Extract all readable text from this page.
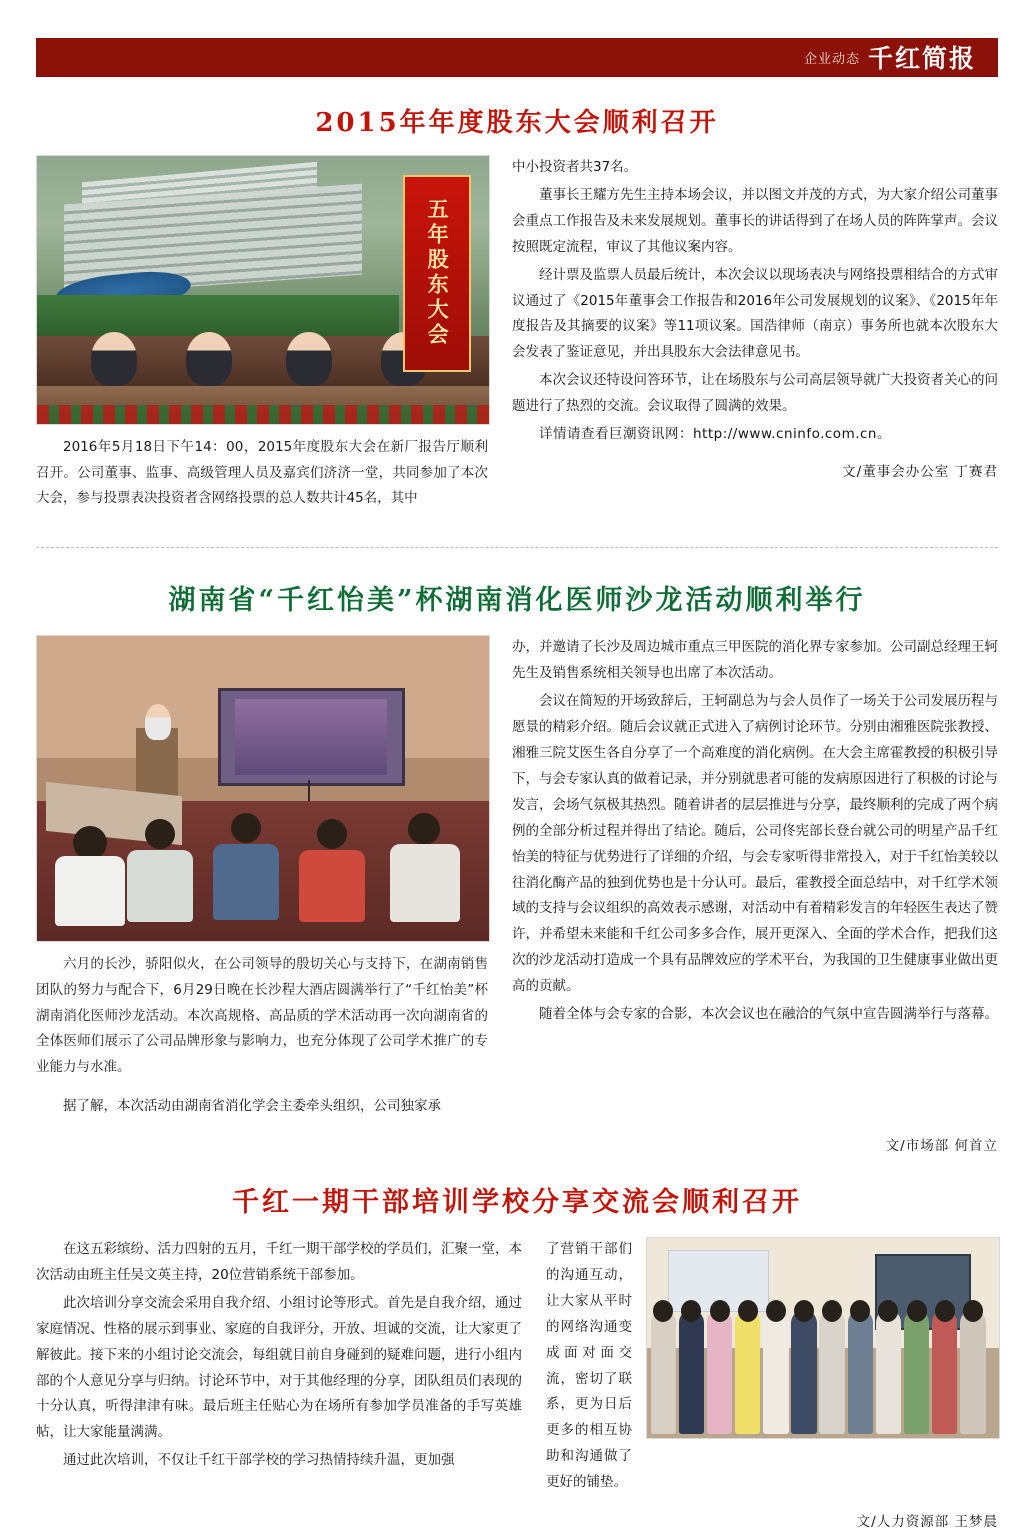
企业动态 千红简报
2015年年度股东大会顺利召开
五年股东大会

2016年5月18日下午14：00，2015年度股东大会在新厂报告厅顺利召开。公司董事、监事、高级管理人员及嘉宾们济济一堂，共同参加了本次大会，参与投票表决投资者含网络投票的总人数共计45名，其中

中小投资者共37名。

董事长王耀方先生主持本场会议，并以图文并茂的方式，为大家介绍公司董事会重点工作报告及未来发展规划。董事长的讲话得到了在场人员的阵阵掌声。会议按照既定流程，审议了其他议案内容。

经计票及监票人员最后统计，本次会议以现场表决与网络投票相结合的方式审议通过了《2015年董事会工作报告和2016年公司发展规划的议案》、《2015年年度报告及其摘要的议案》等11项议案。国浩律师（南京）事务所也就本次股东大会发表了鉴证意见，并出具股东大会法律意见书。

本次会议还特设问答环节，让在场股东与公司高层领导就广大投资者关心的问题进行了热烈的交流。会议取得了圆满的效果。

详情请查看巨潮资讯网：http://www.cninfo.com.cn。

文/董事会办公室 丁赛君
湖南省“千红怡美”杯湖南消化医师沙龙活动顺利举行

六月的长沙，骄阳似火，在公司领导的殷切关心与支持下，在湖南销售团队的努力与配合下，6月29日晚在长沙程大酒店圆满举行了“千红怡美”杯湖南消化医师沙龙活动。本次高规格、高品质的学术活动再一次向湖南省的全体医师们展示了公司品牌形象与影响力，也充分体现了公司学术推广的专业能力与水准。

据了解，本次活动由湖南省消化学会主委牵头组织，公司独家承

办，并邀请了长沙及周边城市重点三甲医院的消化界专家参加。公司副总经理王轲先生及销售系统相关领导也出席了本次活动。

会议在简短的开场致辞后，王轲副总为与会人员作了一场关于公司发展历程与愿景的精彩介绍。随后会议就正式进入了病例讨论环节。分别由湘雅医院张教授、湘雅三院艾医生各自分享了一个高难度的消化病例。在大会主席霍教授的积极引导下，与会专家认真的做着记录，并分别就患者可能的发病原因进行了积极的讨论与发言，会场气氛极其热烈。随着讲者的层层推进与分享，最终顺利的完成了两个病例的全部分析过程并得出了结论。随后，公司佟宪部长登台就公司的明星产品千红怡美的特征与优势进行了详细的介绍，与会专家听得非常投入，对于千红怡美较以往消化酶产品的独到优势也是十分认可。最后，霍教授全面总结中，对千红学术领域的支持与会议组织的高效表示感谢，对活动中有着精彩发言的年轻医生表达了赞许，并希望未来能和千红公司多多合作，展开更深入、全面的学术合作，把我们这次的沙龙活动打造成一个具有品牌效应的学术平台，为我国的卫生健康事业做出更高的贡献。

随着全体与会专家的合影，本次会议也在融洽的气氛中宣告圆满举行与落幕。

文/市场部 何首立
千红一期干部培训学校分享交流会顺利召开

在这五彩缤纷、活力四射的五月，千红一期干部学校的学员们，汇聚一堂，本次活动由班主任吴文英主持，20位营销系统干部参加。

此次培训分享交流会采用自我介绍、小组讨论等形式。首先是自我介绍，通过家庭情况、性格的展示到事业、家庭的自我评分，开放、坦诚的交流，让大家更了解彼此。接下来的小组讨论交流会，每组就目前自身碰到的疑难问题，进行小组内部的个人意见分享与归纳。讨论环节中，对于其他经理的分享，团队组员们表现的十分认真，听得津津有味。最后班主任贴心为在场所有参加学员准备的手写英雄帖，让大家能量满满。

通过此次培训，不仅让千红干部学校的学习热情持续升温，更加强

了营销干部们的沟通互动，让大家从平时的网络沟通变成面对面交流，密切了联系，更为日后更多的相互协助和沟通做了更好的铺垫。

文/人力资源部 王梦晨
